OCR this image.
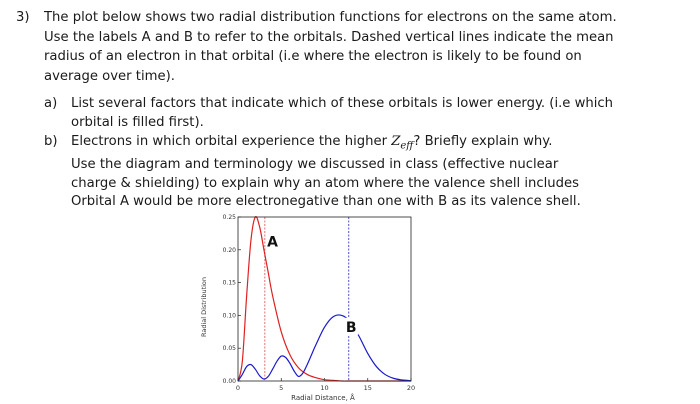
3) The plot below shows two radial distribution functions for electrons on the same atom.
Use the labels A and B to refer to the orbitals. Dashed vertical lines indicate the mean
radius of an electron in that orbital (i.e where the electron is likely to be found on
average over time).
a) List several factors that indicate which of these orbitals is lower energy. (i.e which
orbital is filled first).
b) Electrons in which orbital experience the higher $Z_{eff}$? Briefly explain why.
Use the diagram and terminology we discussed in class (effective nuclear
charge & shielding) to explain why an atom where the valence shell includes
Orbital A would be more electronegative than one with B as its valence shell.
Radial Distribution
0.00
0.05
0.10
0.15
0.20
0.25
0	5	10	15	20
A
B
Radial Distance, Å
